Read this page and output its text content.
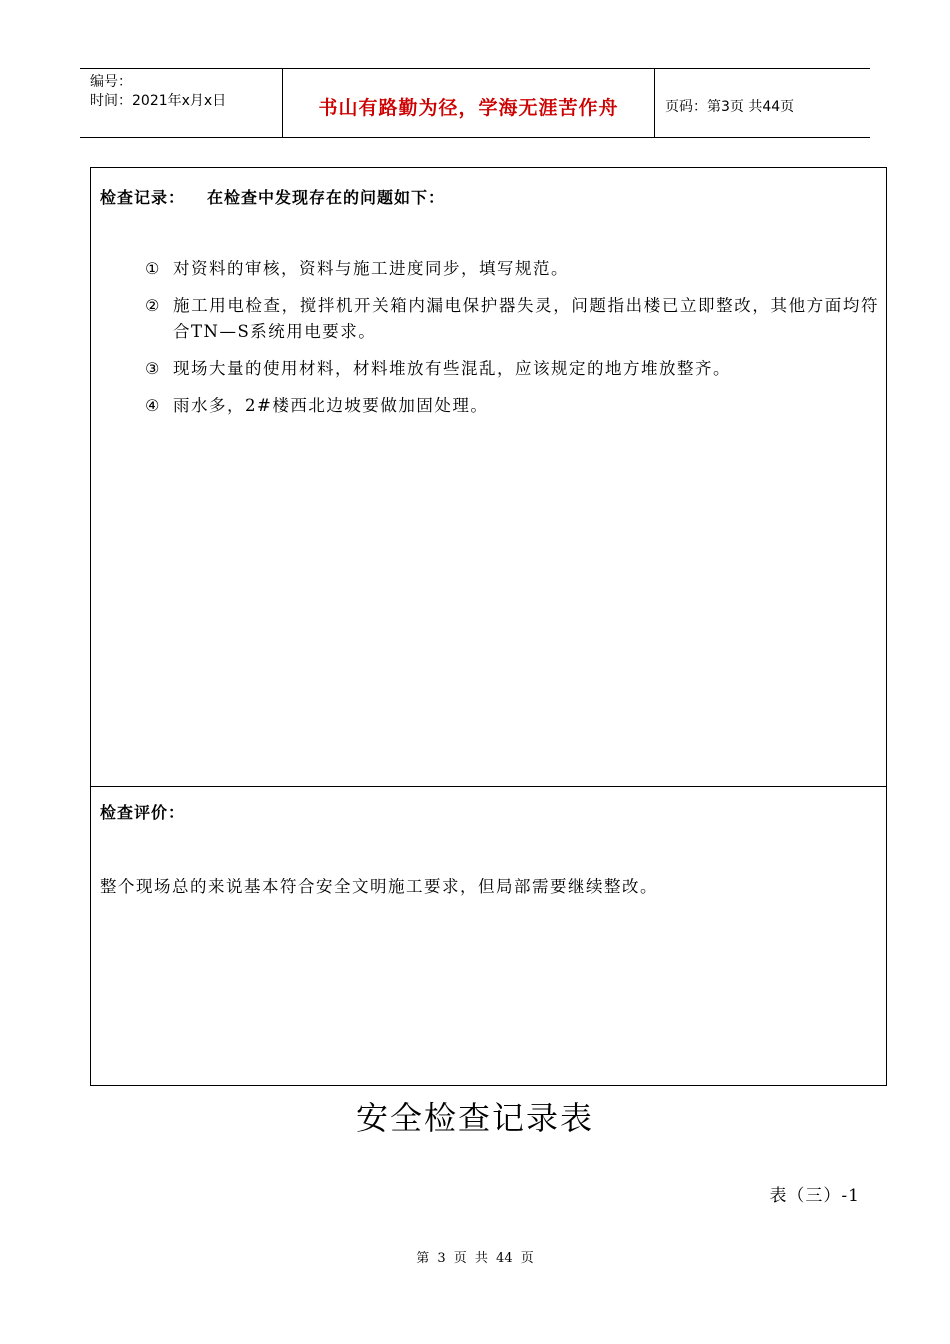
编号：
时间：2021年x月x日	书山有路勤为径，学海无涯苦作舟	页码：第3页 共44页
检查记录： 在检查中发现存在的问题如下：
① 对资料的审核，资料与施工进度同步，填写规范。
② 施工用电检查，搅拌机开关箱内漏电保护器失灵，问题指出楼已立即整改，其他方面均符合TN—S系统用电要求。
③ 现场大量的使用材料，材料堆放有些混乱，应该规定的地方堆放整齐。
④ 雨水多，2#楼西北边坡要做加固处理。
检查评价：
整个现场总的来说基本符合安全文明施工要求，但局部需要继续整改。
安全检查记录表
表（三）-1
第 3 页 共 44 页
